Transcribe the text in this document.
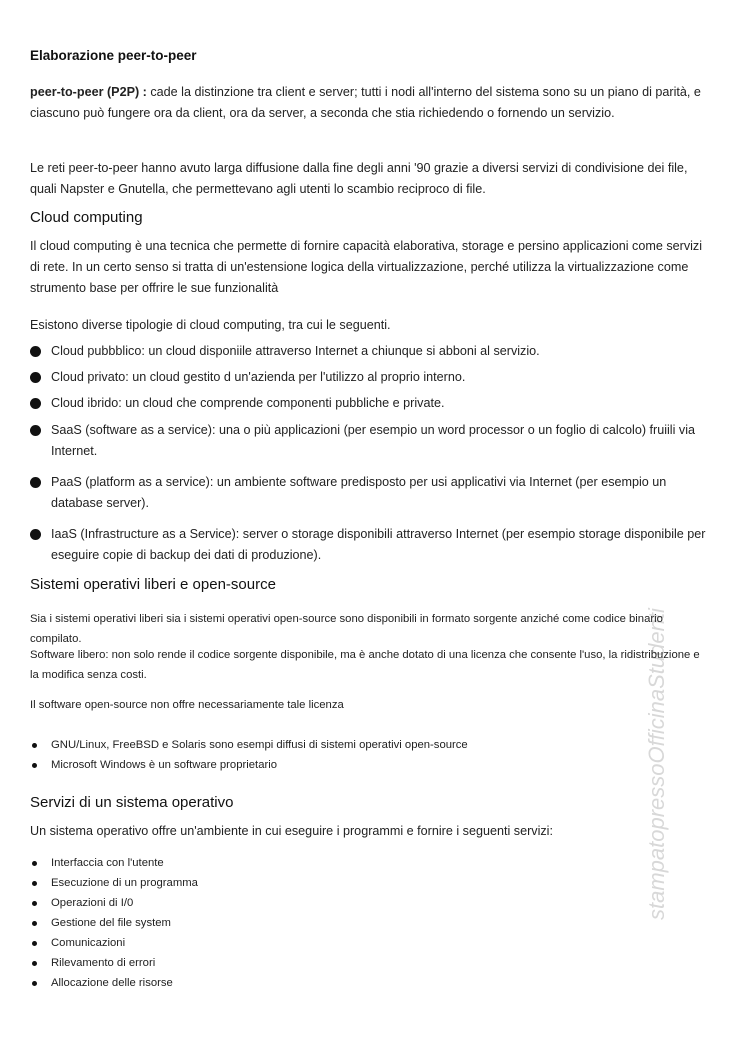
stampatopressoOfficinaStudenti
Elaborazione peer-to-peer
peer-to-peer (P2P) : cade la distinzione tra client e server; tutti i nodi all'interno del sistema sono su un piano di parità, e ciascuno può fungere ora da client, ora da server, a seconda che stia richiedendo o fornendo un servizio.
Le reti peer-to-peer hanno avuto larga diffusione dalla fine degli anni '90 grazie a diversi servizi di condivisione dei file, quali Napster e Gnutella, che permettevano agli utenti lo scambio reciproco di file.
Cloud computing
Il cloud computing è una tecnica che permette di fornire capacità elaborativa, storage e persino applicazioni come servizi di rete. In un certo senso si tratta di un'estensione logica della virtualizzazione, perché utilizza la virtualizzazione come strumento base per offrire le sue funzionalità
Esistono diverse tipologie di cloud computing, tra cui le seguenti.
Cloud pubbblico: un cloud disponiile attraverso Internet a chiunque si abboni al servizio.
Cloud privato: un cloud gestito d un'azienda per l'utilizzo al proprio interno.
Cloud ibrido: un cloud che comprende componenti pubbliche e private.
SaaS (software as a service): una o più applicazioni (per esempio un word processor o un foglio di calcolo) fruiili via Internet.
PaaS (platform as a service): un ambiente software predisposto per usi applicativi via Internet (per esempio un database server).
IaaS (Infrastructure as a Service): server o storage disponibili attraverso Internet (per esempio storage disponibile per eseguire copie di backup dei dati di produzione).
Sistemi operativi liberi e open-source
Sia i sistemi operativi liberi sia i sistemi operativi open-source sono disponibili in formato sorgente anziché come codice binario compilato.
Software libero: non solo rende il codice sorgente disponibile, ma è anche dotato di una licenza che consente l'uso, la ridistribuzione e la modifica senza costi.
Il software open-source non offre necessariamente tale licenza
GNU/Linux, FreeBSD e Solaris sono esempi diffusi di sistemi operativi open-source
Microsoft Windows è un software proprietario
Servizi di un sistema operativo
Un sistema operativo offre un'ambiente in cui eseguire i programmi e fornire i seguenti servizi:
Interfaccia con l'utente
Esecuzione di un programma
Operazioni di I/0
Gestione del file system
Comunicazioni
Rilevamento di errori
Allocazione delle risorse
